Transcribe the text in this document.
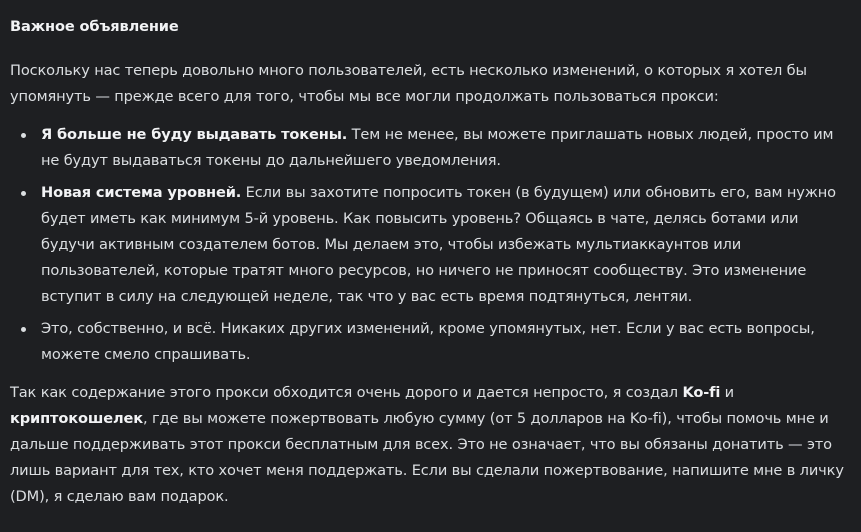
Важное объявление

Поскольку нас теперь довольно много пользователей, есть несколько изменений, о которых я хотел бы упомянуть — прежде всего для того, чтобы мы все могли продолжать пользоваться прокси:

Я больше не буду выдавать токены. Тем не менее, вы можете приглашать новых людей, просто им не будут выдаваться токены до дальнейшего уведомления.
Новая система уровней. Если вы захотите попросить токен (в будущем) или обновить его, вам нужно будет иметь как минимум 5-й уровень. Как повысить уровень? Общаясь в чате, делясь ботами или будучи активным создателем ботов. Мы делаем это, чтобы избежать мультиаккаунтов или пользователей, которые тратят много ресурсов, но ничего не приносят сообществу. Это изменение вступит в силу на следующей неделе, так что у вас есть время подтянуться, лентяи.
Это, собственно, и всё. Никаких других изменений, кроме упомянутых, нет. Если у вас есть вопросы, можете смело спрашивать.

Так как содержание этого прокси обходится очень дорого и дается непросто, я создал Ko-fi и криптокошелек, где вы можете пожертвовать любую сумму (от 5 долларов на Ko-fi), чтобы помочь мне и дальше поддерживать этот прокси бесплатным для всех. Это не означает, что вы обязаны донатить — это лишь вариант для тех, кто хочет меня поддержать. Если вы сделали пожертвование, напишите мне в личку (DM), я сделаю вам подарок.
